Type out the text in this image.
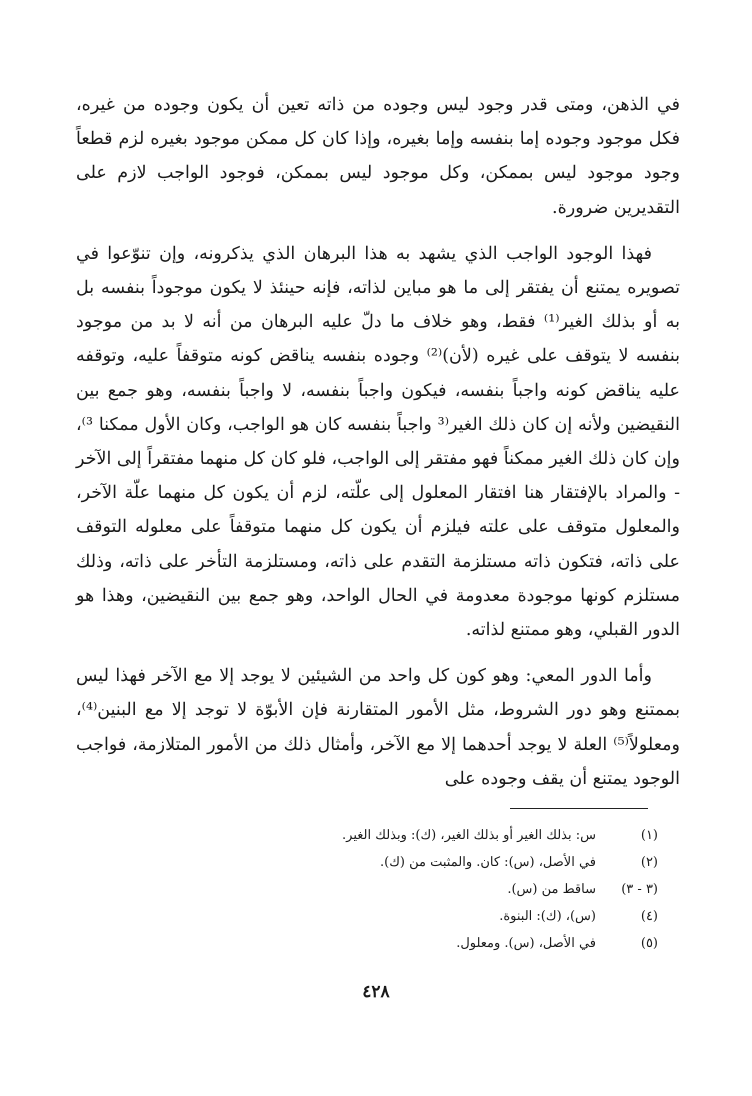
في الذهن، ومتى قدر وجود ليس وجوده من ذاته تعين أن يكون وجوده من غيره، فكل موجود وجوده إما بنفسه وإما بغيره، وإذا كان كل ممكن موجود بغيره لزم قطعاً وجود موجود ليس بممكن، وكل موجود ليس بممكن، فوجود الواجب لازم على التقديرين ضرورة.

فهذا الوجود الواجب الذي يشهد به هذا البرهان الذي يذكرونه، وإن تنوّعوا في تصويره يمتنع أن يفتقر إلى ما هو مباين لذاته، فإنه حينئذ لا يكون موجوداً بنفسه بل به أو بذلك الغير⁽¹⁾ فقط، وهو خلاف ما دلّ عليه البرهان من أنه لا بد من موجود بنفسه لا يتوقف على غيره (لأن)⁽²⁾ وجوده بنفسه يناقض كونه متوقفاً عليه، وتوقفه عليه يناقض كونه واجباً بنفسه، فيكون واجباً بنفسه، لا واجباً بنفسه، وهو جمع بين النقيضين ولأنه إن كان ذلك الغير⁽³ واجباً بنفسه كان هو الواجب، وكان الأول ممكنا ³⁾، وإن كان ذلك الغير ممكناً فهو مفتقر إلى الواجب، فلو كان كل منهما مفتقراً إلى الآخر - والمراد بالإفتقار هنا افتقار المعلول إلى علّته، لزم أن يكون كل منهما علّة الآخر، والمعلول متوقف على علته فيلزم أن يكون كل منهما متوقفاً على معلوله التوقف على ذاته، فتكون ذاته مستلزمة التقدم على ذاته، ومستلزمة التأخر على ذاته، وذلك مستلزم كونها موجودة معدومة في الحال الواحد، وهو جمع بين النقيضين، وهذا هو الدور القبلي، وهو ممتنع لذاته.

وأما الدور المعي: وهو كون كل واحد من الشيئين لا يوجد إلا مع الآخر فهذا ليس بممتنع وهو دور الشروط، مثل الأمور المتقارنة فإن الأبوّة لا توجد إلا مع البنين⁽⁴⁾، ومعلولاً⁽⁵⁾ العلة لا يوجد أحدهما إلا مع الآخر، وأمثال ذلك من الأمور المتلازمة، فواجب الوجود يمتنع أن يقف وجوده على

(١)
س: بذلك الغير أو بذلك الغير، (ك): وبذلك الغير.
(٢)
في الأصل، (س): كان. والمثبت من (ك).
(٣ - ٣)
ساقط من (س).
(٤)
(س)، (ك): البنوة.
(٥)
في الأصل، (س). ومعلول.
٤٢٨
